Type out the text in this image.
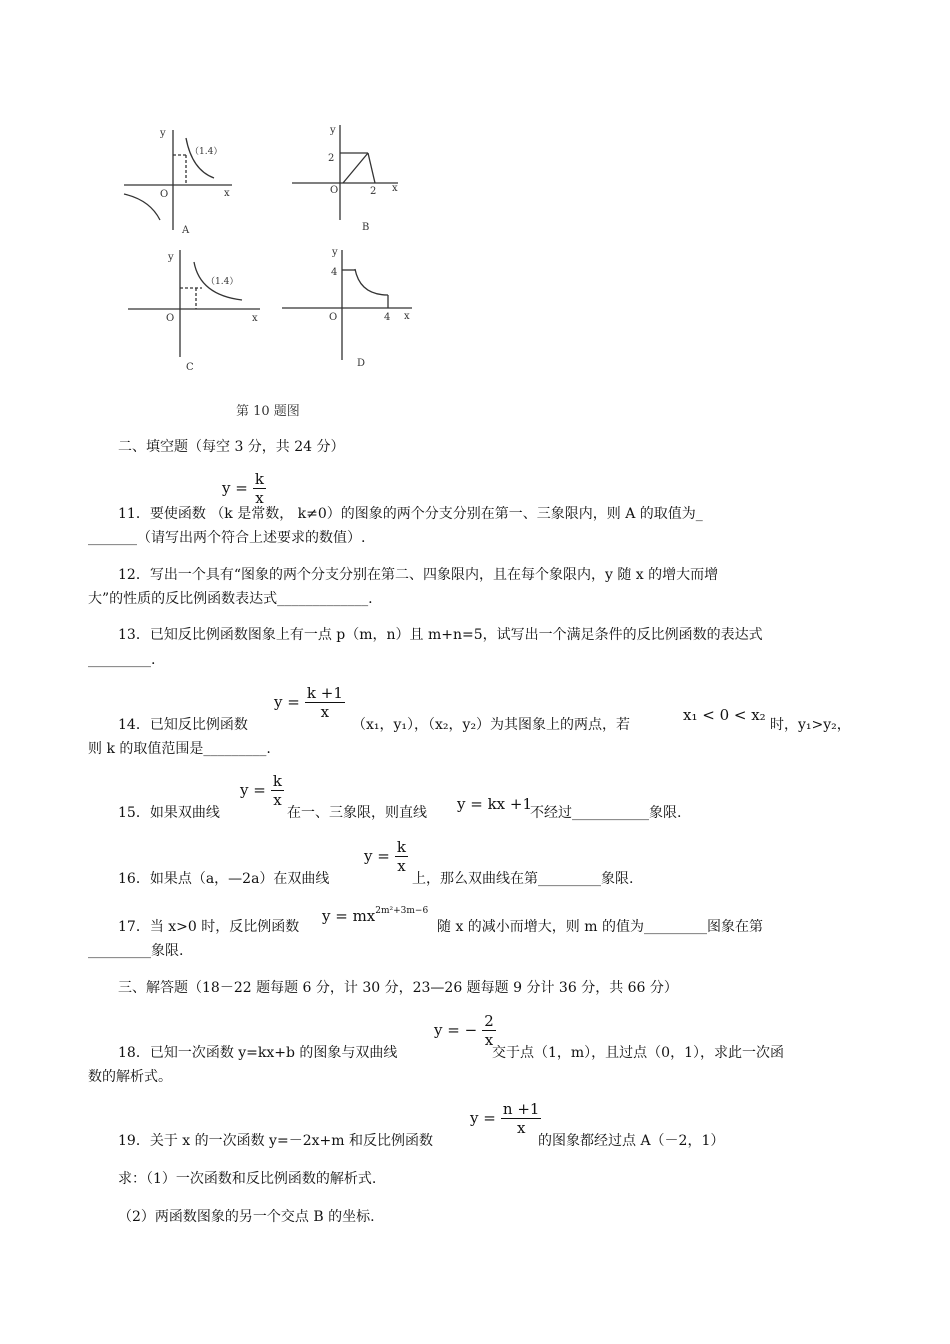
y
x
O
（1.4）
A
y
x
O
2
2
B
y
x
O
（1.4）
C
y
x
O
4
4
D
第 10 题图
二、填空题（每空 3 分，共 24 分）
$y = \frac{k}{x}$
11．要使函数 （k 是常数， k≠0）的图象的两个分支分别在第一、三象限内，则 A 的取值为_
_______（请写出两个符合上述要求的数值）.
12．写出一个具有“图象的两个分支分别在第二、四象限内，且在每个象限内，y 随 x 的增大而增
大”的性质的反比例函数表达式_____________.
13．已知反比例函数图象上有一点 p（m，n）且 m+n=5，试写出一个满足条件的反比例函数的表达式
_________.
14．已知反比例函数
$y = \frac{k +1}{x}$
（x₁，y₁），（x₂，y₂）为其图象上的两点，若
x₁ < 0 < x₂
时，y₁>y₂，
则 k 的取值范围是_________.
15．如果双曲线
$y = \frac{k}{x}$
在一、三象限，则直线 y = kx +1
不经过___________象限.
16．如果点（a，—2a）在双曲线
$y = \frac{k}{x}$
上，那么双曲线在第_________象限.
17．当 x>0 时，反比例函数
$y = mx^{2m^2+3m-6}$
随 x 的减小而增大，则 m 的值为_________图象在第
_________象限.
三、解答题（18－22 题每题 6 分，计 30 分，23—26 题每题 9 分计 36 分，共 66 分）
18．已知一次函数 y=kx+b 的图象与双曲线
y = − $\frac{2}{x}$
交于点（1，m），且过点（0，1），求此一次函
数的解析式。
19．关于 x 的一次函数 y=－2x+m 和反比例函数
$y = \frac{n +1}{x}$
的图象都经过点 A（－2，1）
求：（1）一次函数和反比例函数的解析式.
（2）两函数图象的另一个交点 B 的坐标.
